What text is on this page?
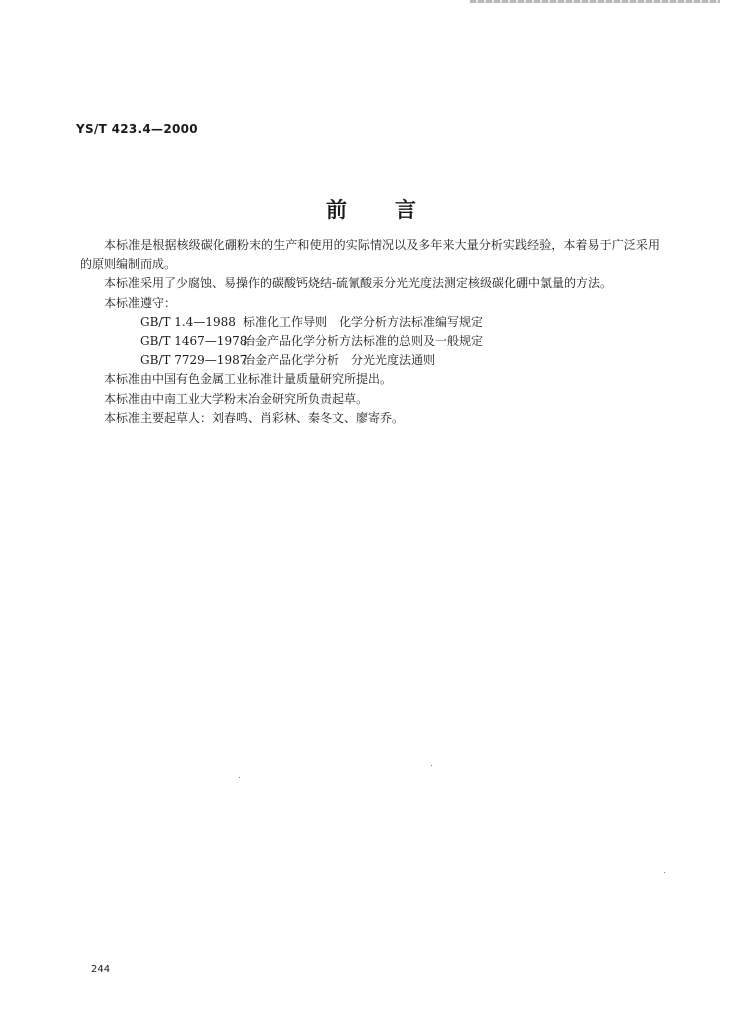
YS/T 423.4—2000
前 言

本标准是根据核级碳化硼粉末的生产和使用的实际情况以及多年来大量分析实践经验，本着易于广泛采用的原则编制而成。

本标准采用了少腐蚀、易操作的碳酸钙烧结-硫氰酸汞分光光度法测定核级碳化硼中氯量的方法。

本标准遵守：

GB/T 1.4—1988 标准化工作导则　化学分析方法标准编写规定
GB/T 1467—1978冶金产品化学分析方法标准的总则及一般规定
GB/T 7729—1987冶金产品化学分析　分光光度法通则

本标准由中国有色金属工业标准计量质量研究所提出。

本标准由中南工业大学粉末冶金研究所负责起草。

本标准主要起草人：刘春鸣、肖彩林、秦冬文、廖寄乔。

244
